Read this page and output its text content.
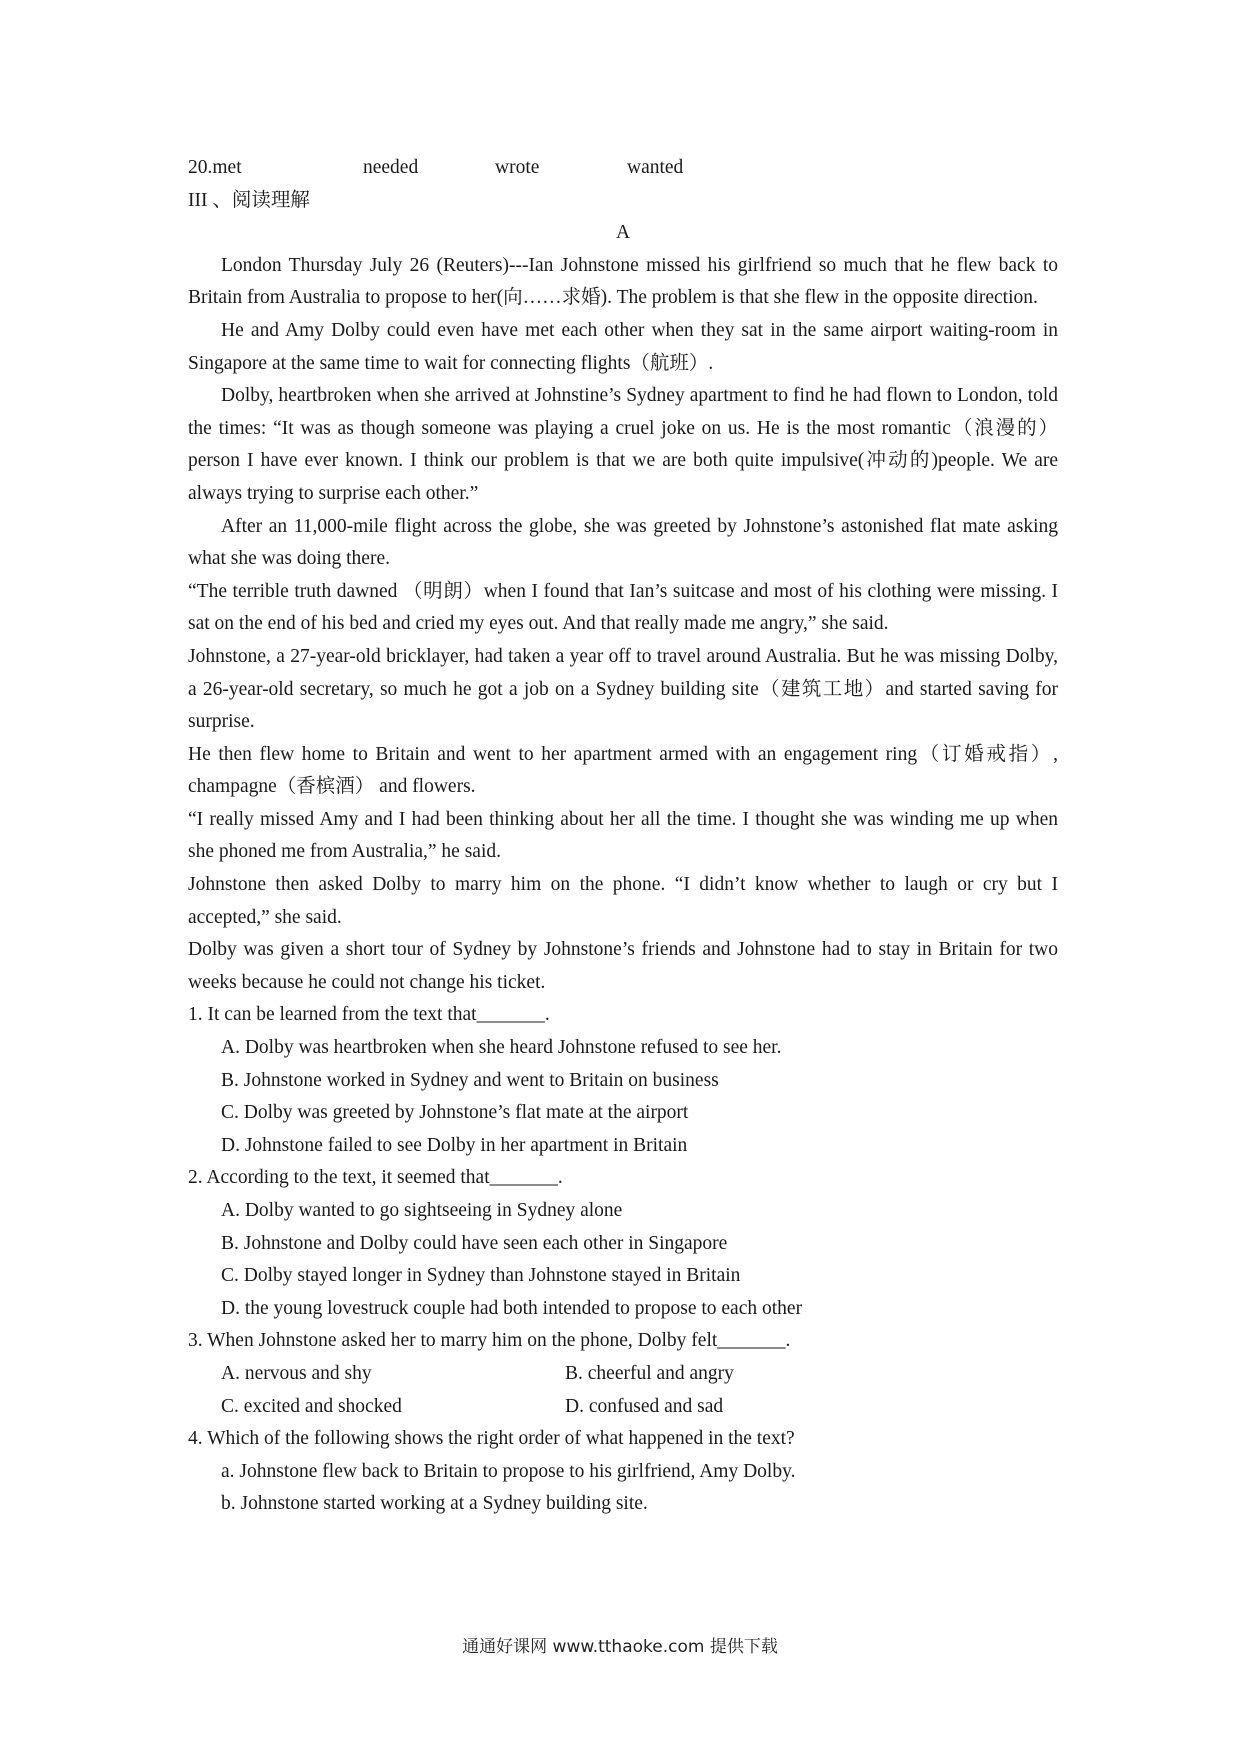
20.met	needed	wrote	wanted
III 、阅读理解
A

London Thursday July 26 (Reuters)---Ian Johnstone missed his girlfriend so much that he flew back to Britain from Australia to propose to her(向……求婚). The problem is that she flew in the opposite direction.

He and Amy Dolby could even have met each other when they sat in the same airport waiting-room in Singapore at the same time to wait for connecting flights（航班）.

Dolby, heartbroken when she arrived at Johnstine’s Sydney apartment to find he had flown to London, told the times: “It was as though someone was playing a cruel joke on us. He is the most romantic（浪漫的） person I have ever known. I think our problem is that we are both quite impulsive(冲动的)people. We are always trying to surprise each other.”

After an 11,000-mile flight across the globe, she was greeted by Johnstone’s astonished flat mate asking what she was doing there.

“The terrible truth dawned （明朗）when I found that Ian’s suitcase and most of his clothing were missing. I sat on the end of his bed and cried my eyes out. And that really made me angry,” she said.

Johnstone, a 27-year-old bricklayer, had taken a year off to travel around Australia. But he was missing Dolby, a 26-year-old secretary, so much he got a job on a Sydney building site（建筑工地）and started saving for surprise.

He then flew home to Britain and went to her apartment armed with an engagement ring（订婚戒指）, champagne（香槟酒） and flowers.

“I really missed Amy and I had been thinking about her all the time. I thought she was winding me up when she phoned me from Australia,” he said.

Johnstone then asked Dolby to marry him on the phone. “I didn’t know whether to laugh or cry but I accepted,” she said.

Dolby was given a short tour of Sydney by Johnstone’s friends and Johnstone had to stay in Britain for two weeks because he could not change his ticket.

1. It can be learned from the text that_______.
A. Dolby was heartbroken when she heard Johnstone refused to see her.
B. Johnstone worked in Sydney and went to Britain on business
C. Dolby was greeted by Johnstone’s flat mate at the airport
D. Johnstone failed to see Dolby in her apartment in Britain
2. According to the text, it seemed that_______.
A. Dolby wanted to go sightseeing in Sydney alone
B. Johnstone and Dolby could have seen each other in Singapore
C. Dolby stayed longer in Sydney than Johnstone stayed in Britain
D. the young lovestruck couple had both intended to propose to each other
3. When Johnstone asked her to marry him on the phone, Dolby felt_______.
A. nervous and shy	B. cheerful and angry
C. excited and shocked	D. confused and sad
4. Which of the following shows the right order of what happened in the text?
a. Johnstone flew back to Britain to propose to his girlfriend, Amy Dolby.
b. Johnstone started working at a Sydney building site.
通通好课网 www.tthaoke.com 提供下载
